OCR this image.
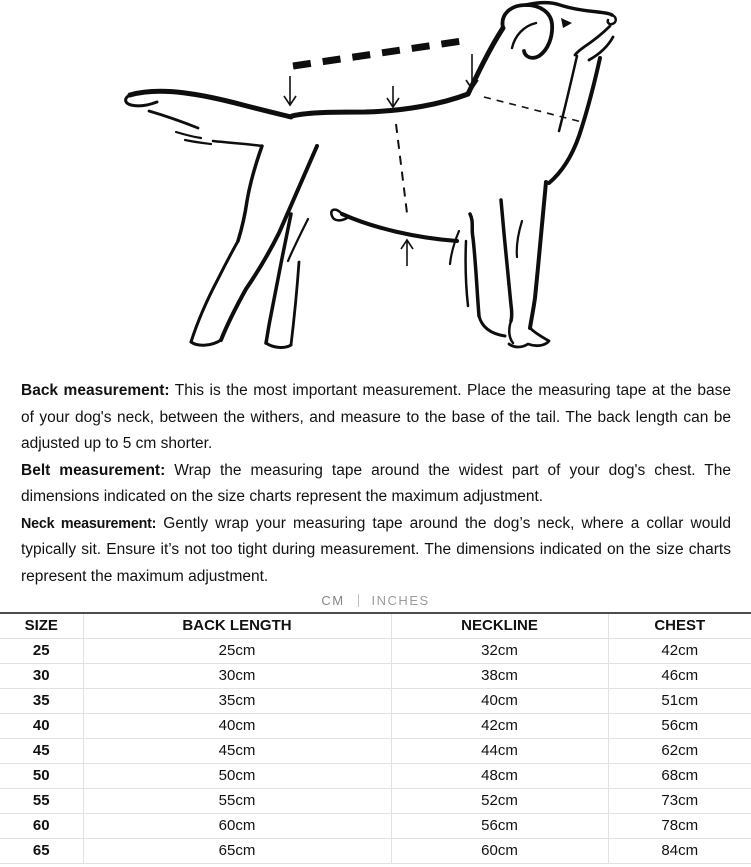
Back measurement: This is the most important measurement. Place the measuring tape at the base of your dog's neck, between the withers, and measure to the base of the tail. The back length can be adjusted up to 5 cm shorter.

Belt measurement: Wrap the measuring tape around the widest part of your dog's chest. The dimensions indicated on the size charts represent the maximum adjustment.

Neck measurement: Gently wrap your measuring tape around the dog’s neck, where a collar would typically sit. Ensure it’s not too tight during measurement. The dimensions indicated on the size charts represent the maximum adjustment.

CM INCHES
SIZE	BACK LENGTH	NECKLINE	CHEST
25	25cm	32cm	42cm
30	30cm	38cm	46cm
35	35cm	40cm	51cm
40	40cm	42cm	56cm
45	45cm	44cm	62cm
50	50cm	48cm	68cm
55	55cm	52cm	73cm
60	60cm	56cm	78cm
65	65cm	60cm	84cm
